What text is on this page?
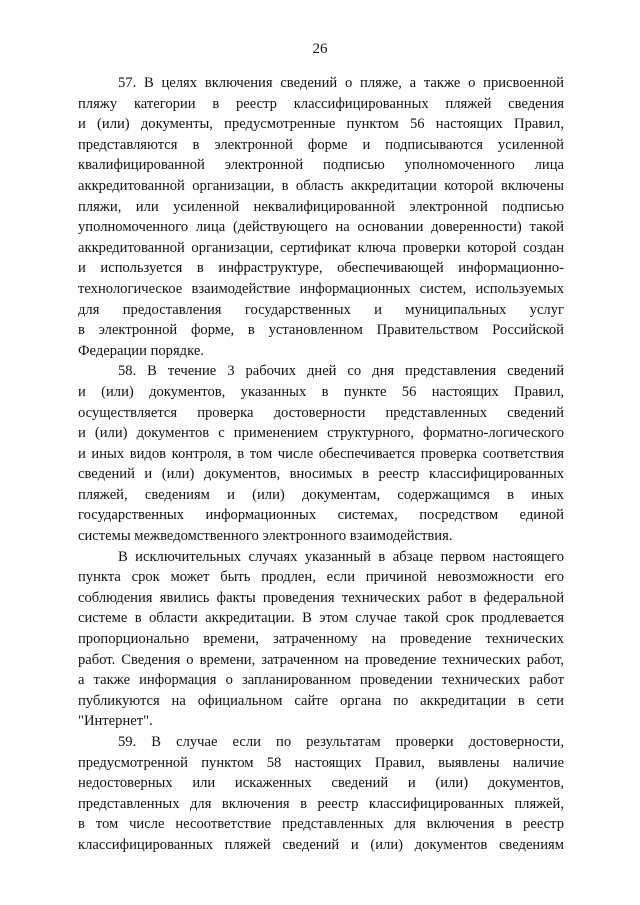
26
57. В целях включения сведений о пляже, а также о присвоенной
пляжу категории в реестр классифицированных пляжей сведения
и (или) документы, предусмотренные пунктом 56 настоящих Правил,
представляются в электронной форме и подписываются усиленной
квалифицированной электронной подписью уполномоченного лица
аккредитованной организации, в область аккредитации которой включены
пляжи, или усиленной неквалифицированной электронной подписью
уполномоченного лица (действующего на основании доверенности) такой
аккредитованной организации, сертификат ключа проверки которой создан
и используется в инфраструктуре, обеспечивающей информационно-
технологическое взаимодействие информационных систем, используемых
для предоставления государственных и муниципальных услуг
в электронной форме, в установленном Правительством Российской
Федерации порядке.
58. В течение 3 рабочих дней со дня представления сведений
и (или) документов, указанных в пункте 56 настоящих Правил,
осуществляется проверка достоверности представленных сведений
и (или) документов с применением структурного, форматно-логического
и иных видов контроля, в том числе обеспечивается проверка соответствия
сведений и (или) документов, вносимых в реестр классифицированных
пляжей, сведениям и (или) документам, содержащимся в иных
государственных информационных системах, посредством единой
системы межведомственного электронного взаимодействия.
В исключительных случаях указанный в абзаце первом настоящего
пункта срок может быть продлен, если причиной невозможности его
соблюдения явились факты проведения технических работ в федеральной
системе в области аккредитации. В этом случае такой срок продлевается
пропорционально времени, затраченному на проведение технических
работ. Сведения о времени, затраченном на проведение технических работ,
а также информация о запланированном проведении технических работ
публикуются на официальном сайте органа по аккредитации в сети
"Интернет".
59. В случае если по результатам проверки достоверности,
предусмотренной пунктом 58 настоящих Правил, выявлены наличие
недостоверных или искаженных сведений и (или) документов,
представленных для включения в реестр классифицированных пляжей,
в том числе несоответствие представленных для включения в реестр
классифицированных пляжей сведений и (или) документов сведениям
